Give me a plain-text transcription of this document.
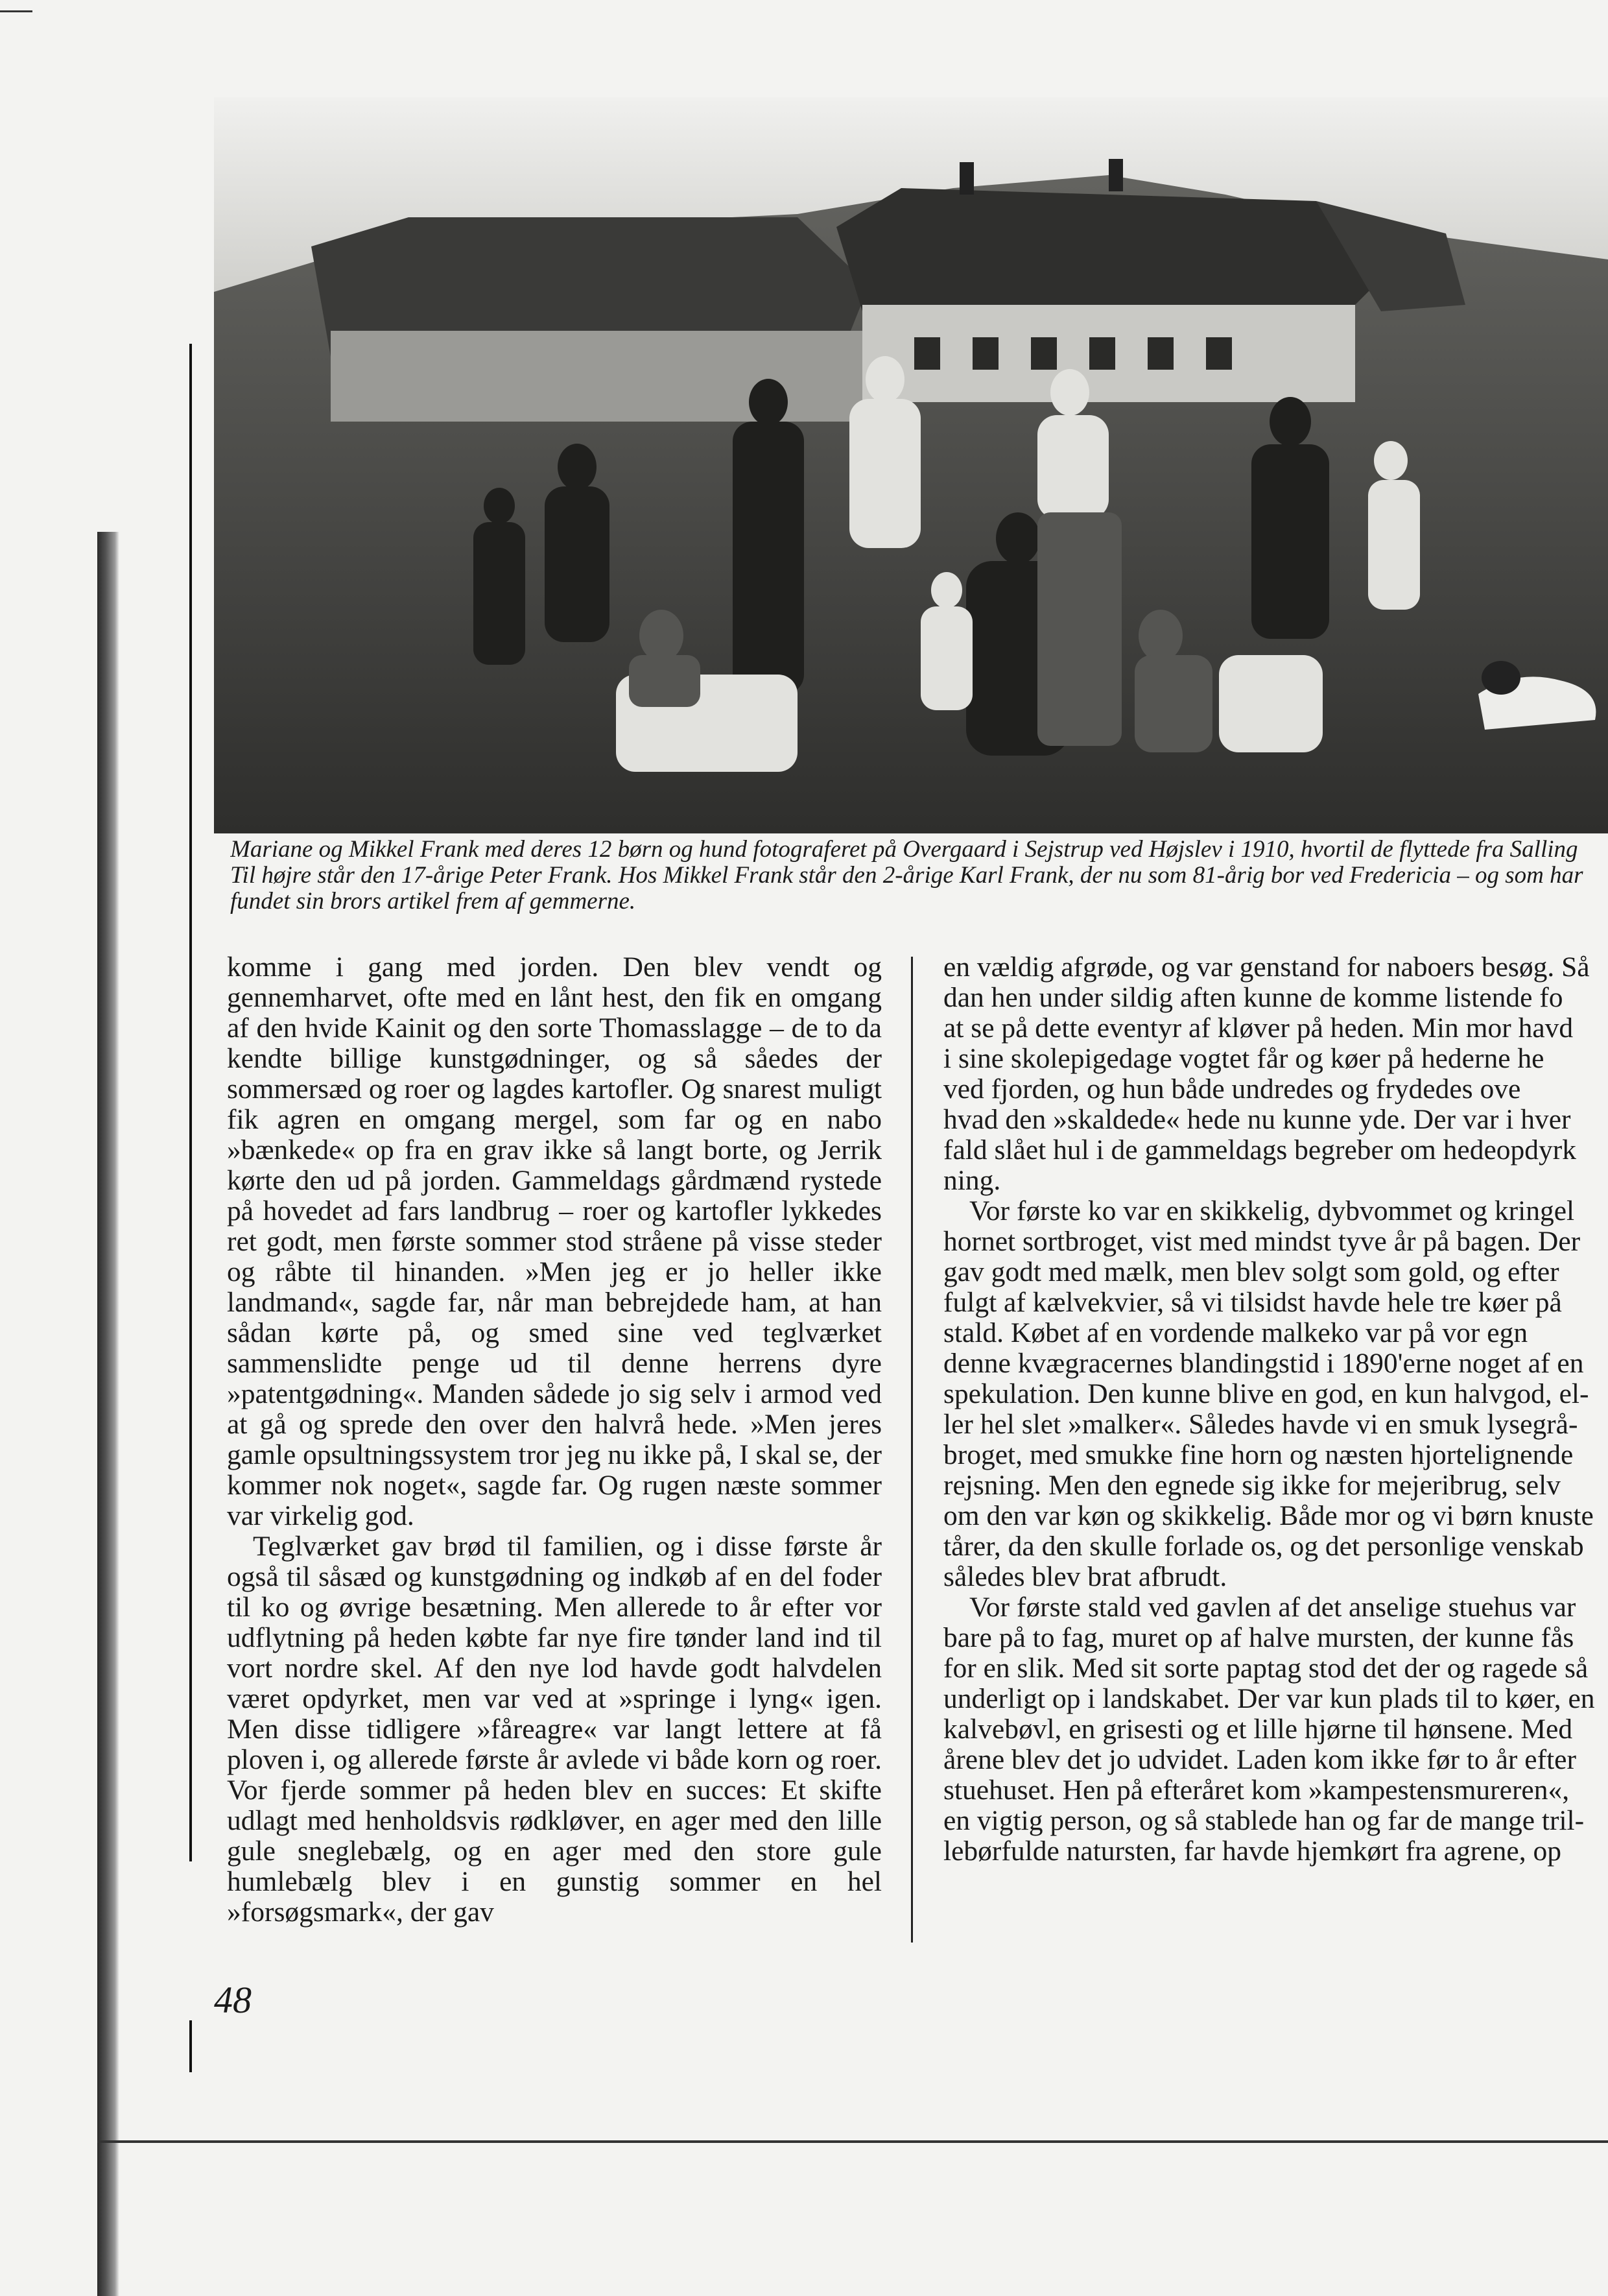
Mariane og Mikkel Frank med deres 12 børn og hund fotograferet på Overgaard i Sejstrup ved Højslev i 1910, hvortil de flyttede fra Salling
Til højre står den 17-årige Peter Frank. Hos Mikkel Frank står den 2-årige Karl Frank, der nu som 81-årig bor ved Fredericia – og som har
fundet sin brors artikel frem af gemmerne.

komme i gang med jorden. Den blev vendt og gennemharvet, ofte med en lånt hest, den fik en omgang af den hvide Kainit og den sorte Thomasslagge – de to da kendte billige kunstgødninger, og så såedes der sommersæd og roer og lagdes kartofler. Og snarest muligt fik agren en omgang mergel, som far og en nabo »bænkede« op fra en grav ikke så langt borte, og Jerrik kørte den ud på jorden. Gammeldags gårdmænd rystede på hovedet ad fars landbrug – roer og kartofler lykkedes ret godt, men første sommer stod stråene på visse steder og råbte til hinanden. »Men jeg er jo heller ikke landmand«, sagde far, når man bebrejdede ham, at han sådan kørte på, og smed sine ved teglværket sammenslidte penge ud til denne herrens dyre »patentgødning«. Manden sådede jo sig selv i armod ved at gå og sprede den over den halvrå hede. »Men jeres gamle opsultningssystem tror jeg nu ikke på, I skal se, der kommer nok noget«, sagde far. Og rugen næste sommer var virkelig god.

Teglværket gav brød til familien, og i disse første år også til såsæd og kunstgødning og indkøb af en del foder til ko og øvrige besætning. Men allerede to år efter vor udflytning på heden købte far nye fire tønder land ind til vort nordre skel. Af den nye lod havde godt halvdelen været opdyrket, men var ved at »springe i lyng« igen. Men disse tidligere »fåreagre« var langt lettere at få ploven i, og allerede første år avlede vi både korn og roer. Vor fjerde sommer på heden blev en succes: Et skifte udlagt med henholdsvis rødkløver, en ager med den lille gule sneglebælg, og en ager med den store gule humlebælg blev i en gunstig sommer en hel »forsøgsmark«, der gav

en vældig afgrøde, og var genstand for naboers besøg. Så
dan hen under sildig aften kunne de komme listende fo
at se på dette eventyr af kløver på heden. Min mor havd
i sine skolepigedage vogtet får og køer på hederne he
ved fjorden, og hun både undredes og frydedes ove
hvad den »skaldede« hede nu kunne yde. Der var i hver
fald slået hul i de gammeldags begreber om hedeopdyrk
ning.
Vor første ko var en skikkelig, dybvommet og kringel
hornet sortbroget, vist med mindst tyve år på bagen. Der
gav godt med mælk, men blev solgt som gold, og efter
fulgt af kælvekvier, så vi tilsidst havde hele tre køer på
stald. Købet af en vordende malkeko var på vor egn
denne kvægracernes blandingstid i 1890'erne noget af en
spekulation. Den kunne blive en god, en kun halvgod, el-
ler hel slet »malker«. Således havde vi en smuk lysegrå-
broget, med smukke fine horn og næsten hjortelignende
rejsning. Men den egnede sig ikke for mejeribrug, selv
om den var køn og skikkelig. Både mor og vi børn knuste
tårer, da den skulle forlade os, og det personlige venskab
således blev brat afbrudt.
Vor første stald ved gavlen af det anselige stuehus var
bare på to fag, muret op af halve mursten, der kunne fås
for en slik. Med sit sorte paptag stod det der og ragede så
underligt op i landskabet. Der var kun plads til to køer, en
kalvebøvl, en grisesti og et lille hjørne til hønsene. Med
årene blev det jo udvidet. Laden kom ikke før to år efter
stuehuset. Hen på efteråret kom »kampestensmureren«,
en vigtig person, og så stablede han og far de mange tril-
lebørfulde natursten, far havde hjemkørt fra agrene, op
48
